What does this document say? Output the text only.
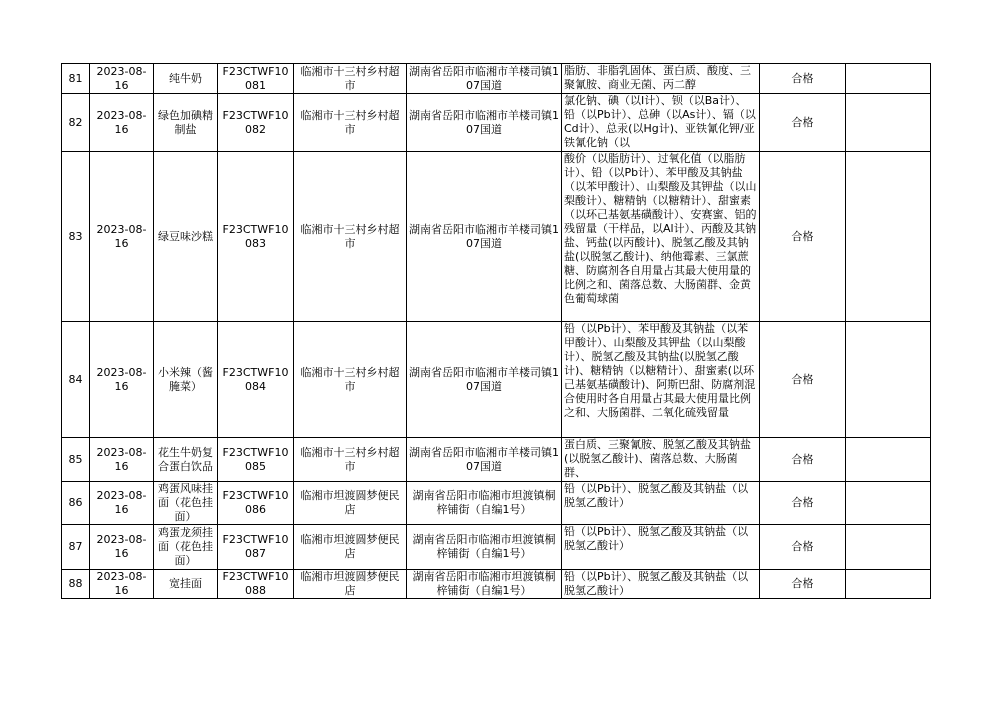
81	2023-08-16	纯牛奶	F23CTWF10081	临湘市十三村乡村超市	湖南省岳阳市临湘市羊楼司镇107国道	脂肪、非脂乳固体、蛋白质、酸度、三聚氰胺、商业无菌、丙二醇	合格	
82	2023-08-16	绿色加碘精制盐	F23CTWF10082	临湘市十三村乡村超市	湖南省岳阳市临湘市羊楼司镇107国道	氯化钠、碘（以I计）、钡（以Ba计）、铅（以Pb计）、总砷（以As计）、镉（以Cd计）、总汞(以Hg计)、亚铁氰化钾/亚铁氰化钠（以	合格	
83	2023-08-16	绿豆味沙糕	F23CTWF10083	临湘市十三村乡村超市	湖南省岳阳市临湘市羊楼司镇107国道	酸价（以脂肪计）、过氧化值（以脂肪计）、铅（以Pb计）、苯甲酸及其钠盐（以苯甲酸计）、山梨酸及其钾盐（以山梨酸计）、糖精钠（以糖精计）、甜蜜素（以环己基氨基磺酸计）、安赛蜜、铝的残留量（干样品，以Al计）、丙酸及其钠盐、钙盐(以丙酸计)、脱氢乙酸及其钠盐(以脱氢乙酸计)、纳他霉素、三氯蔗糖、防腐剂各自用量占其最大使用量的比例之和、菌落总数、大肠菌群、金黄色葡萄球菌	合格	
84	2023-08-16	小米辣（酱腌菜）	F23CTWF10084	临湘市十三村乡村超市	湖南省岳阳市临湘市羊楼司镇107国道	铅（以Pb计）、苯甲酸及其钠盐（以苯甲酸计）、山梨酸及其钾盐（以山梨酸计）、脱氢乙酸及其钠盐(以脱氢乙酸计)、糖精钠（以糖精计）、甜蜜素(以环己基氨基磺酸计)、阿斯巴甜、防腐剂混合使用时各自用量占其最大使用量比例之和、大肠菌群、二氧化硫残留量	合格	
85	2023-08-16	花生牛奶复合蛋白饮品	F23CTWF10085	临湘市十三村乡村超市	湖南省岳阳市临湘市羊楼司镇107国道	蛋白质、三聚氰胺、脱氢乙酸及其钠盐(以脱氢乙酸计)、菌落总数、大肠菌群、	合格	
86	2023-08-16	鸡蛋风味挂面（花色挂面）	F23CTWF10086	临湘市坦渡圆梦便民店	湖南省岳阳市临湘市坦渡镇桐梓铺街（自编1号）	铅（以Pb计）、脱氢乙酸及其钠盐（以脱氢乙酸计）	合格	
87	2023-08-16	鸡蛋龙须挂面（花色挂面）	F23CTWF10087	临湘市坦渡圆梦便民店	湖南省岳阳市临湘市坦渡镇桐梓铺街（自编1号）	铅（以Pb计）、脱氢乙酸及其钠盐（以脱氢乙酸计）	合格	
88	2023-08-16	宽挂面	F23CTWF10088	临湘市坦渡圆梦便民店	湖南省岳阳市临湘市坦渡镇桐梓铺街（自编1号）	铅（以Pb计）、脱氢乙酸及其钠盐（以脱氢乙酸计）	合格	
